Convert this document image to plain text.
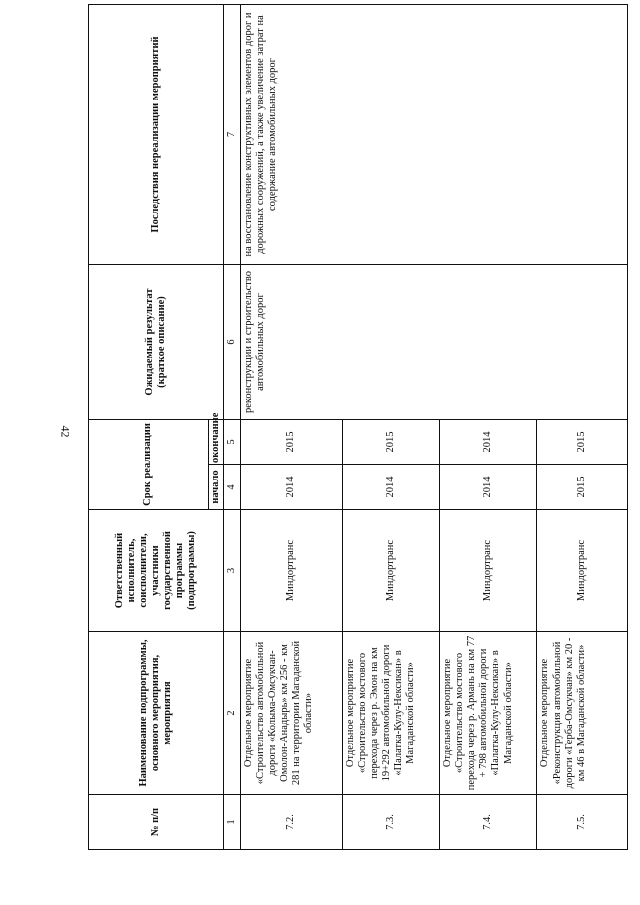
42
№ п/п	Наименование подпрограммы, основного мероприятия, мероприятия	Ответственный исполнитель, соисполнители, участники государственной программы (подпрограммы)	Срок реализации		Ожидаемый результат (краткое описание)	Последствия нереализации мероприятий
			начало	окончание		
1	2	3	4	5	6	7
7.2.	Отдельное мероприятие «Строительство автомобильной дороги «Колыма-Омсукчан-Омолон-Анадырь» км 256 - км 281 на территории Магаданской области»	Миндортранс	2014	2015	реконструкции и строительство автомобильных дорог	на восстановление конструктивных элементов дорог и дорожных сооружений, а также увеличение затрат на содержание автомобильных дорог
7.3.	Отдельное мероприятие «Строительство мостового перехода через р. Эмон на км 19+292 автомобильной дороги «Палатка-Кулу-Нексикан» в Магаданской области»	Миндортранс	2014	2015		
7.4.	Отдельное мероприятие «Строительство мостового перехода через р. Армань на км 77 + 798 автомобильной дороги «Палатка-Кулу-Нексикан» в Магаданской области»	Миндортранс	2014	2014		
7.5.	Отдельное мероприятие «Реконструкция автомобильной дороги «Герба-Омсукчан» км 20 - км 46 в Магаданской области»	Миндортранс	2015	2015		
